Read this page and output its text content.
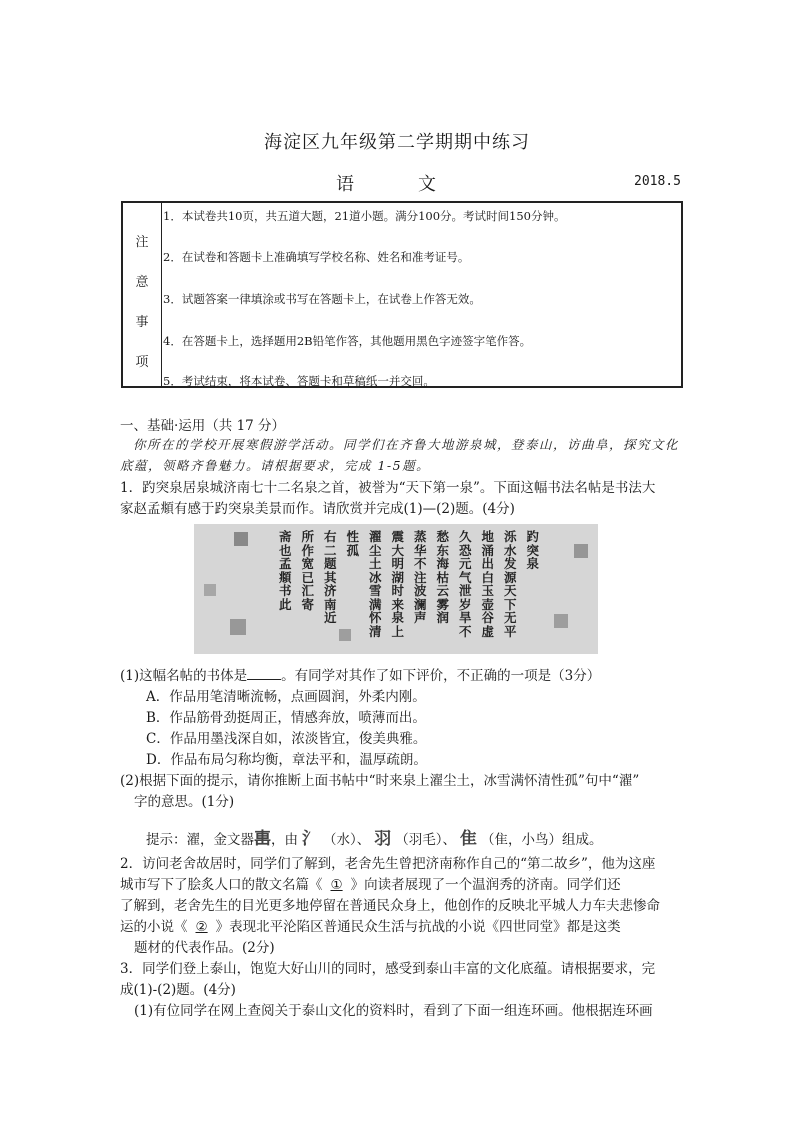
海淀区九年级第二学期期中练习
语	文	2018.5
注
意
事
项
1．本试卷共10页，共五道大题，21道小题。满分100分。考试时间150分钟。
2．在试卷和答题卡上准确填写学校名称、姓名和准考证号。
3．试题答案一律填涂或书写在答题卡上，在试卷上作答无效。
4．在答题卡上，选择题用2B铅笔作答，其他题用黑色字迹签字笔作答。
5．考试结束，将本试卷、答题卡和草稿纸一并交回。
一、基础·运用（共 17 分）
你所在的学校开展寒假游学活动。同学们在齐鲁大地游泉城，登泰山，访曲阜，探究文化
底蕴，领略齐鲁魅力。请根据要求，完成 1-5题。
1．趵突泉居泉城济南七十二名泉之首，被誉为“天下第一泉”。下面这幅书法名帖是书法大
家赵孟頫有感于趵突泉美景而作。请欣赏并完成(1)—(2)题。(4分)
趵突泉
泺水发源天下无平
地涌出白玉壶谷虚
久恐元气泄岁旱不
愁东海枯云雾润
蒸华不注波澜声
震大明湖时来泉上
濯尘土冰雪满怀清
性孤
右二题其济南近
所作宽已汇寄
斋也孟頫书此
(1)这幅名帖的书体是	。有同学对其作了如下评价，不正确的一项是（3分）
A．作品用笔清晰流畅，点画圆润，外柔内刚。
B．作品筋骨劲挺周正，情感奔放，喷薄而出。
C．作品用墨浅深自如，浓淡皆宜，俊美典雅。
D．作品布局匀称均衡，章法平和，温厚疏朗。
(2)根据下面的提示，请你推断上面书帖中“时来泉上濯尘土，冰雪满怀清性孤”句中“濯”
字的意思。(1分)
提示：濯，金文器𨊥，由 氵 （水）、 羽 （羽毛）、 隹 （隹，小鸟）组成。
2．访问老舍故居时，同学们了解到，老舍先生曾把济南称作自己的“第二故乡”，他为这座
城市写下了脍炙人口的散文名篇《 ① 》向读者展现了一个温润秀的济南。同学们还
了解到，老舍先生的目光更多地停留在普通民众身上，他创作的反映北平城人力车夫悲惨命
运的小说《 ② 》表现北平沦陷区普通民众生活与抗战的小说《四世同堂》都是这类
题材的代表作品。(2分)
3．同学们登上泰山，饱览大好山川的同时，感受到泰山丰富的文化底蕴。请根据要求，完
成(1)-(2)题。(4分)
(1)有位同学在网上查阅关于泰山文化的资料时，看到了下面一组连环画。他根据连环画
